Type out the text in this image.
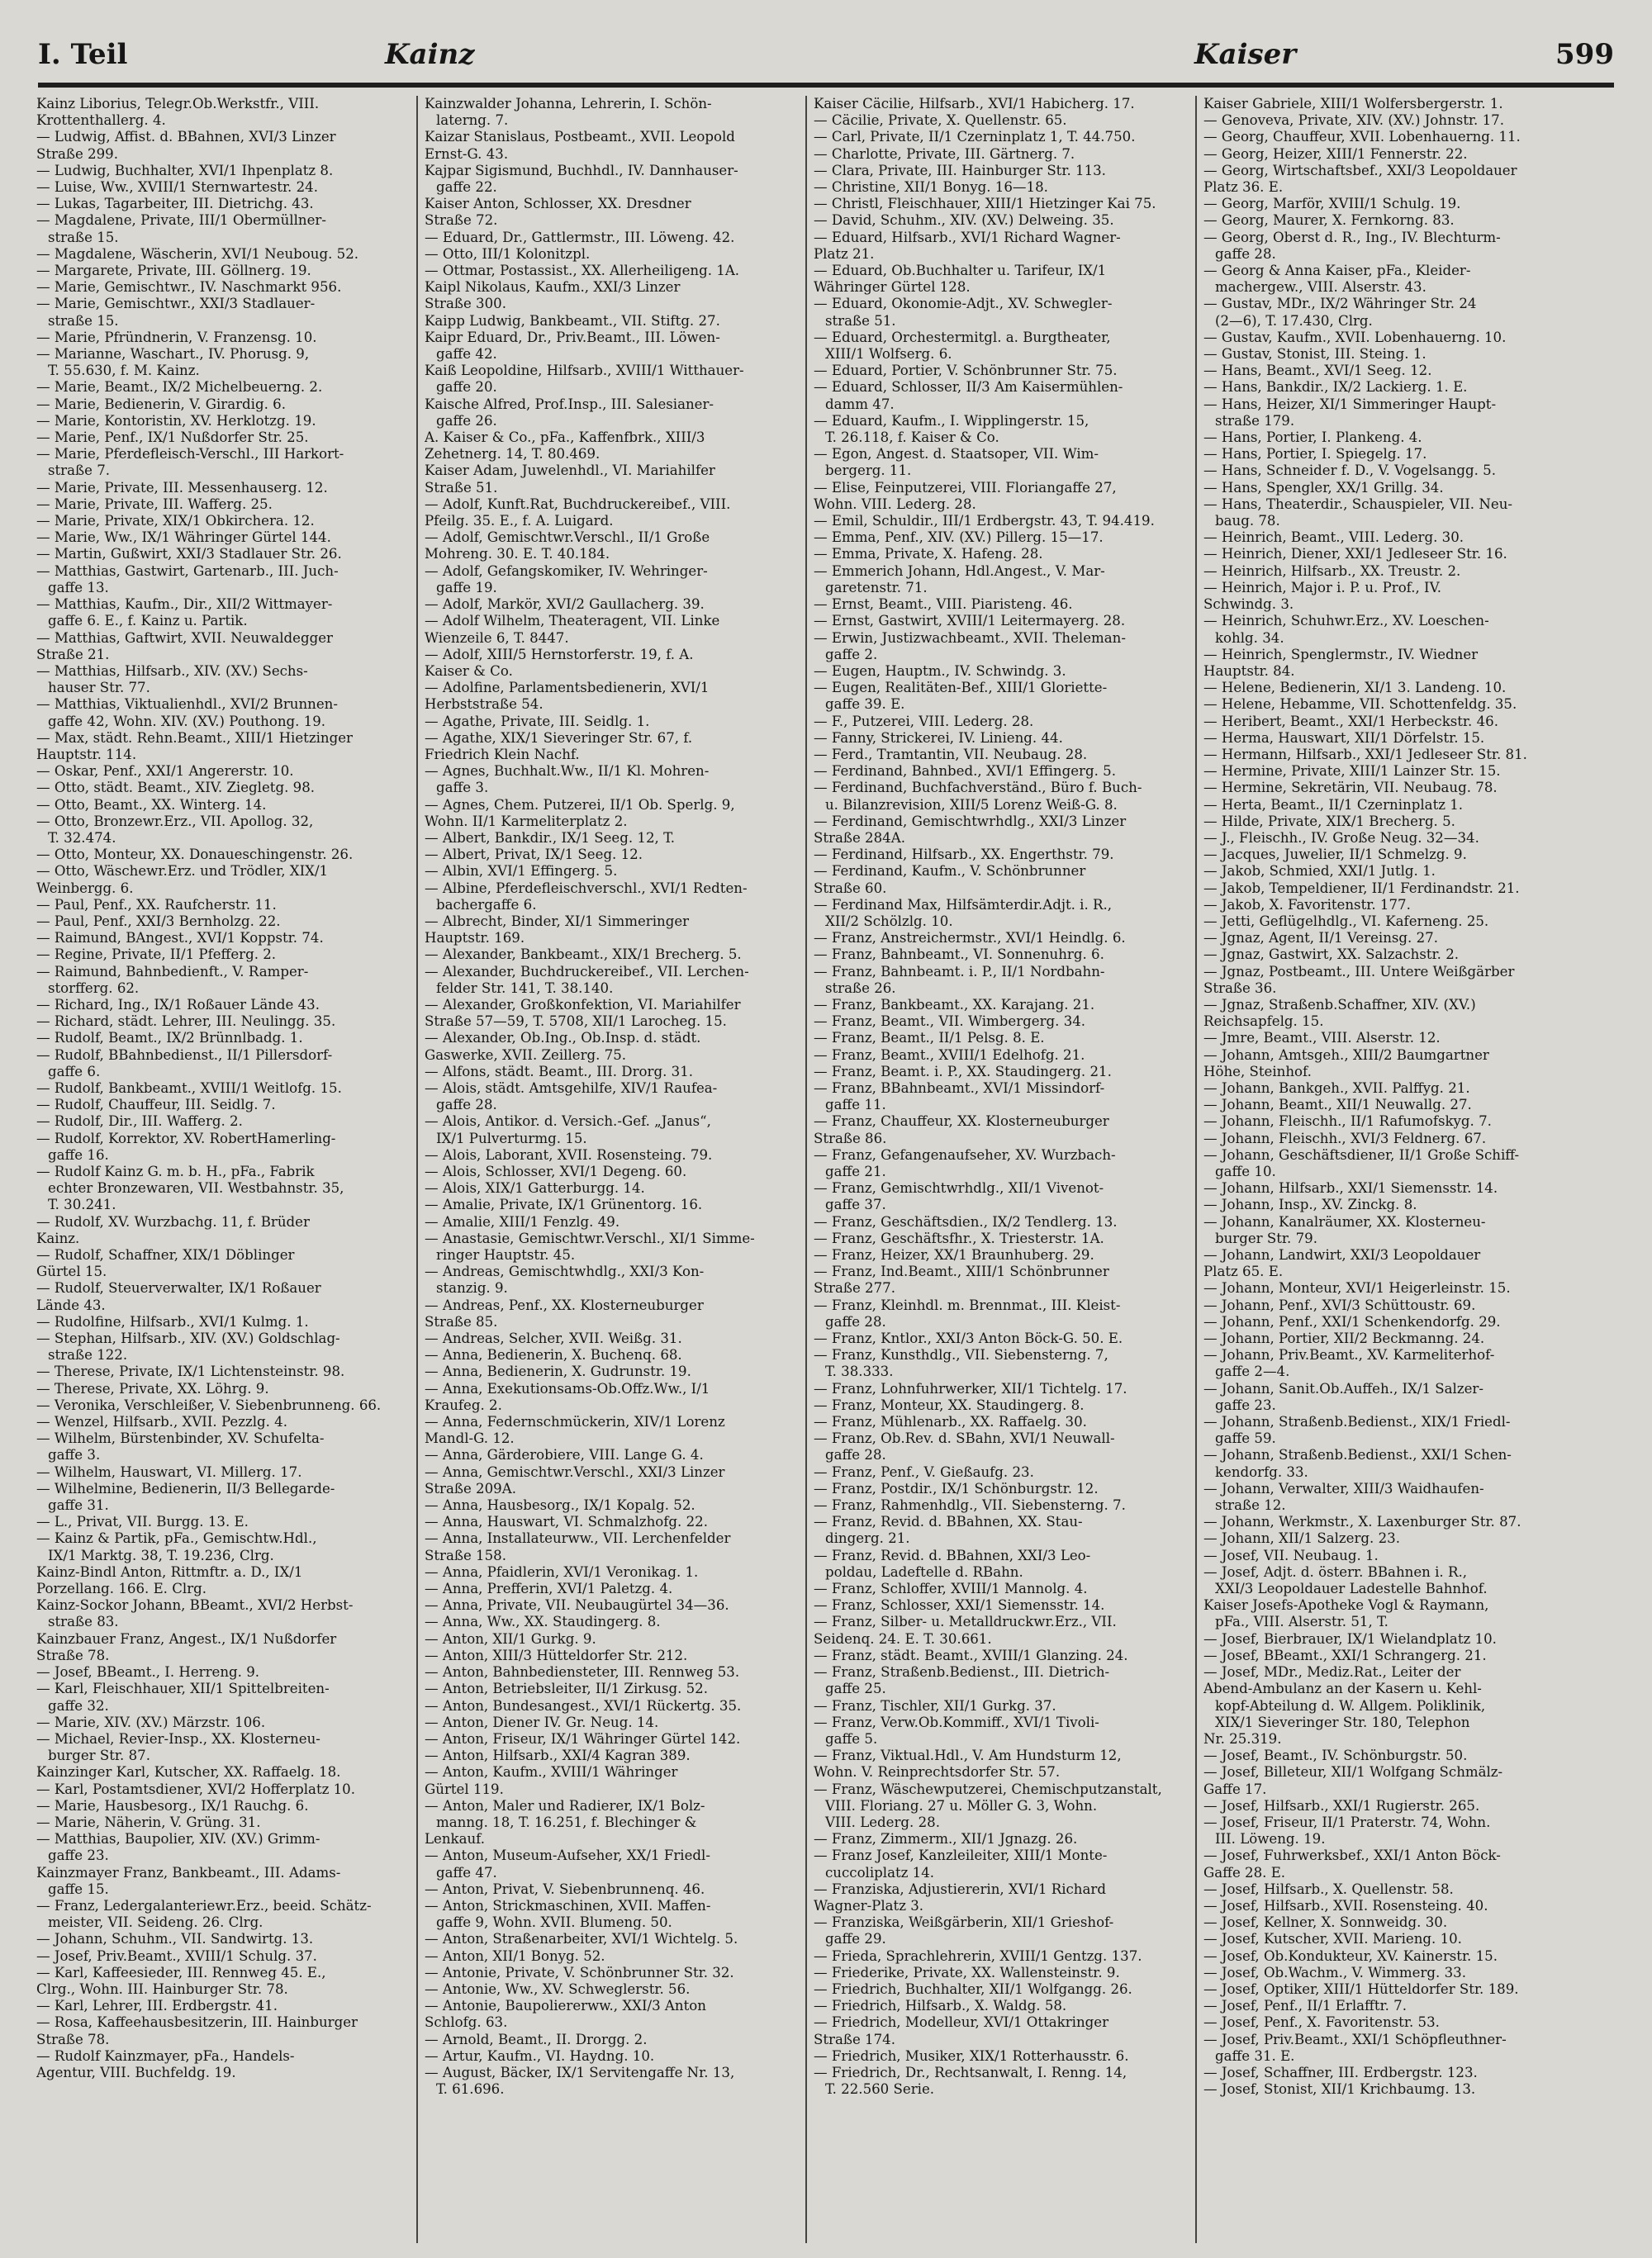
I. Teil	Kainz	Kaiser	599
Kainz Liborius, Telegr.Ob.Werkstfr., VIII.
Krottenthallerg. 4.
— Ludwig, Affist. d. BBahnen, XVI/3 Linzer
Straße 299.
— Ludwig, Buchhalter, XVI/1 Ihpenplatz 8.
— Luise, Ww., XVIII/1 Sternwartestr. 24.
— Lukas, Tagarbeiter, III. Dietrichg. 43.
— Magdalene, Private, III/1 Obermüllner-
straße 15.
— Magdalene, Wäscherin, XVI/1 Neuboug. 52.
— Margarete, Private, III. Göllnerg. 19.
— Marie, Gemischtwr., IV. Naschmarkt 956.
— Marie, Gemischtwr., XXI/3 Stadlauer-
straße 15.
— Marie, Pfründnerin, V. Franzensg. 10.
— Marianne, Waschart., IV. Phorusg. 9,
T. 55.630, f. M. Kainz.
— Marie, Beamt., IX/2 Michelbeuerng. 2.
— Marie, Bedienerin, V. Girardig. 6.
— Marie, Kontoristin, XV. Herklotzg. 19.
— Marie, Penf., IX/1 Nußdorfer Str. 25.
— Marie, Pferdefleisch-Verschl., III Harkort-
straße 7.
— Marie, Private, III. Messenhauserg. 12.
— Marie, Private, III. Wafferg. 25.
— Marie, Private, XIX/1 Obkirchera. 12.
— Marie, Ww., IX/1 Währinger Gürtel 144.
— Martin, Gußwirt, XXI/3 Stadlauer Str. 26.
— Matthias, Gastwirt, Gartenarb., III. Juch-
gaffe 13.
— Matthias, Kaufm., Dir., XII/2 Wittmayer-
gaffe 6. E., f. Kainz u. Partik.
— Matthias, Gaftwirt, XVII. Neuwaldegger
Straße 21.
— Matthias, Hilfsarb., XIV. (XV.) Sechs-
hauser Str. 77.
— Matthias, Viktualienhdl., XVI/2 Brunnen-
gaffe 42, Wohn. XIV. (XV.) Pouthong. 19.
— Max, städt. Rehn.Beamt., XIII/1 Hietzinger
Hauptstr. 114.
— Oskar, Penf., XXI/1 Angererstr. 10.
— Otto, städt. Beamt., XIV. Ziegletg. 98.
— Otto, Beamt., XX. Winterg. 14.
— Otto, Bronzewr.Erz., VII. Apollog. 32,
T. 32.474.
— Otto, Monteur, XX. Donaueschingenstr. 26.
— Otto, Wäschewr.Erz. und Trödler, XIX/1
Weinbergg. 6.
— Paul, Penf., XX. Raufcherstr. 11.
— Paul, Penf., XXI/3 Bernholzg. 22.
— Raimund, BAngest., XVI/1 Koppstr. 74.
— Regine, Private, II/1 Pfefferg. 2.
— Raimund, Bahnbedienft., V. Ramper-
storfferg. 62.
— Richard, Ing., IX/1 Roßauer Lände 43.
— Richard, städt. Lehrer, III. Neulingg. 35.
— Rudolf, Beamt., IX/2 Brünnlbadg. 1.
— Rudolf, BBahnbedienst., II/1 Pillersdorf-
gaffe 6.
— Rudolf, Bankbeamt., XVIII/1 Weitlofg. 15.
— Rudolf, Chauffeur, III. Seidlg. 7.
— Rudolf, Dir., III. Wafferg. 2.
— Rudolf, Korrektor, XV. RobertHamerling-
gaffe 16.
— Rudolf Kainz G. m. b. H., pFa., Fabrik
echter Bronzewaren, VII. Westbahnstr. 35,
T. 30.241.
— Rudolf, XV. Wurzbachg. 11, f. Brüder
Kainz.
— Rudolf, Schaffner, XIX/1 Döblinger
Gürtel 15.
— Rudolf, Steuerverwalter, IX/1 Roßauer
Lände 43.
— Rudolfine, Hilfsarb., XVI/1 Kulmg. 1.
— Stephan, Hilfsarb., XIV. (XV.) Goldschlag-
straße 122.
— Therese, Private, IX/1 Lichtensteinstr. 98.
— Therese, Private, XX. Löhrg. 9.
— Veronika, Verschleißer, V. Siebenbrunneng. 66.
— Wenzel, Hilfsarb., XVII. Pezzlg. 4.
— Wilhelm, Bürstenbinder, XV. Schufelta-
gaffe 3.
— Wilhelm, Hauswart, VI. Millerg. 17.
— Wilhelmine, Bedienerin, II/3 Bellegarde-
gaffe 31.
— L., Privat, VII. Burgg. 13. E.
— Kainz & Partik, pFa., Gemischtw.Hdl.,
IX/1 Marktg. 38, T. 19.236, Clrg.
Kainz-Bindl Anton, Rittmftr. a. D., IX/1
Porzellang. 166. E. Clrg.
Kainz-Sockor Johann, BBeamt., XVI/2 Herbst-
straße 83.
Kainzbauer Franz, Angest., IX/1 Nußdorfer
Straße 78.
— Josef, BBeamt., I. Herreng. 9.
— Karl, Fleischhauer, XII/1 Spittelbreiten-
gaffe 32.
— Marie, XIV. (XV.) Märzstr. 106.
— Michael, Revier-Insp., XX. Klosterneu-
burger Str. 87.
Kainzinger Karl, Kutscher, XX. Raffaelg. 18.
— Karl, Postamtsdiener, XVI/2 Hofferplatz 10.
— Marie, Hausbesorg., IX/1 Rauchg. 6.
— Marie, Näherin, V. Grüng. 31.
— Matthias, Baupolier, XIV. (XV.) Grimm-
gaffe 23.
Kainzmayer Franz, Bankbeamt., III. Adams-
gaffe 15.
— Franz, Ledergalanteriewr.Erz., beeid. Schätz-
meister, VII. Seideng. 26. Clrg.
— Johann, Schuhm., VII. Sandwirtg. 13.
— Josef, Priv.Beamt., XVIII/1 Schulg. 37.
— Karl, Kaffeesieder, III. Rennweg 45. E.,
Clrg., Wohn. III. Hainburger Str. 78.
— Karl, Lehrer, III. Erdbergstr. 41.
— Rosa, Kaffeehausbesitzerin, III. Hainburger
Straße 78.
— Rudolf Kainzmayer, pFa., Handels-
Agentur, VIII. Buchfeldg. 19.
Kainzwalder Johanna, Lehrerin, I. Schön-
laterng. 7.
Kaizar Stanislaus, Postbeamt., XVII. Leopold
Ernst-G. 43.
Kajpar Sigismund, Buchhdl., IV. Dannhauser-
gaffe 22.
Kaiser Anton, Schlosser, XX. Dresdner
Straße 72.
— Eduard, Dr., Gattlermstr., III. Löweng. 42.
— Otto, III/1 Kolonitzpl.
— Ottmar, Postassist., XX. Allerheiligeng. 1A.
Kaipl Nikolaus, Kaufm., XXI/3 Linzer
Straße 300.
Kaipp Ludwig, Bankbeamt., VII. Stiftg. 27.
Kaipr Eduard, Dr., Priv.Beamt., III. Löwen-
gaffe 42.
Kaiß Leopoldine, Hilfsarb., XVIII/1 Witthauer-
gaffe 20.
Kaische Alfred, Prof.Insp., III. Salesianer-
gaffe 26.
A. Kaiser & Co., pFa., Kaffenfbrk., XIII/3
Zehetnerg. 14, T. 80.469.
Kaiser Adam, Juwelenhdl., VI. Mariahilfer
Straße 51.
— Adolf, Kunft.Rat, Buchdruckereibef., VIII.
Pfeilg. 35. E., f. A. Luigard.
— Adolf, Gemischtwr.Verschl., II/1 Große
Mohreng. 30. E. T. 40.184.
— Adolf, Gefangskomiker, IV. Wehringer-
gaffe 19.
— Adolf, Markör, XVI/2 Gaullacherg. 39.
— Adolf Wilhelm, Theateragent, VII. Linke
Wienzeile 6, T. 8447.
— Adolf, XIII/5 Hernstorferstr. 19, f. A.
Kaiser & Co.
— Adolfine, Parlamentsbedienerin, XVI/1
Herbststraße 54.
— Agathe, Private, III. Seidlg. 1.
— Agathe, XIX/1 Sieveringer Str. 67, f.
Friedrich Klein Nachf.
— Agnes, Buchhalt.Ww., II/1 Kl. Mohren-
gaffe 3.
— Agnes, Chem. Putzerei, II/1 Ob. Sperlg. 9,
Wohn. II/1 Karmeliterplatz 2.
— Albert, Bankdir., IX/1 Seeg. 12, T.
— Albert, Privat, IX/1 Seeg. 12.
— Albin, XVI/1 Effingerg. 5.
— Albine, Pferdefleischverschl., XVI/1 Redten-
bachergaffe 6.
— Albrecht, Binder, XI/1 Simmeringer
Hauptstr. 169.
— Alexander, Bankbeamt., XIX/1 Brecherg. 5.
— Alexander, Buchdruckereibef., VII. Lerchen-
felder Str. 141, T. 38.140.
— Alexander, Großkonfektion, VI. Mariahilfer
Straße 57—59, T. 5708, XII/1 Larocheg. 15.
— Alexander, Ob.Ing., Ob.Insp. d. städt.
Gaswerke, XVII. Zeillerg. 75.
— Alfons, städt. Beamt., III. Drorg. 31.
— Alois, städt. Amtsgehilfe, XIV/1 Raufea-
gaffe 28.
— Alois, Antikor. d. Versich.-Gef. „Janus“,
IX/1 Pulverturmg. 15.
— Alois, Laborant, XVII. Rosensteing. 79.
— Alois, Schlosser, XVI/1 Degeng. 60.
— Alois, XIX/1 Gatterburgg. 14.
— Amalie, Private, IX/1 Grünentorg. 16.
— Amalie, XIII/1 Fenzlg. 49.
— Anastasie, Gemischtwr.Verschl., XI/1 Simme-
ringer Hauptstr. 45.
— Andreas, Gemischtwhdlg., XXI/3 Kon-
stanzig. 9.
— Andreas, Penf., XX. Klosterneuburger
Straße 85.
— Andreas, Selcher, XVII. Weißg. 31.
— Anna, Bedienerin, X. Buchenq. 68.
— Anna, Bedienerin, X. Gudrunstr. 19.
— Anna, Exekutionsams-Ob.Offz.Ww., I/1
Kraufeg. 2.
— Anna, Federnschmückerin, XIV/1 Lorenz
Mandl-G. 12.
— Anna, Gärderobiere, VIII. Lange G. 4.
— Anna, Gemischtwr.Verschl., XXI/3 Linzer
Straße 209A.
— Anna, Hausbesorg., IX/1 Kopalg. 52.
— Anna, Hauswart, VI. Schmalzhofg. 22.
— Anna, Installateurww., VII. Lerchenfelder
Straße 158.
— Anna, Pfaidlerin, XVI/1 Veronikag. 1.
— Anna, Prefferin, XVI/1 Paletzg. 4.
— Anna, Private, VII. Neubaugürtel 34—36.
— Anna, Ww., XX. Staudingerg. 8.
— Anton, XII/1 Gurkg. 9.
— Anton, XIII/3 Hütteldorfer Str. 212.
— Anton, Bahnbediensteter, III. Rennweg 53.
— Anton, Betriebsleiter, II/1 Zirkusg. 52.
— Anton, Bundesangest., XVI/1 Rückertg. 35.
— Anton, Diener IV. Gr. Neug. 14.
— Anton, Friseur, IX/1 Währinger Gürtel 142.
— Anton, Hilfsarb., XXI/4 Kagran 389.
— Anton, Kaufm., XVIII/1 Währinger
Gürtel 119.
— Anton, Maler und Radierer, IX/1 Bolz-
manng. 18, T. 16.251, f. Blechinger &
Lenkauf.
— Anton, Museum-Aufseher, XX/1 Friedl-
gaffe 47.
— Anton, Privat, V. Siebenbrunnenq. 46.
— Anton, Strickmaschinen, XVII. Maffen-
gaffe 9, Wohn. XVII. Blumeng. 50.
— Anton, Straßenarbeiter, XVI/1 Wichtelg. 5.
— Anton, XII/1 Bonyg. 52.
— Antonie, Private, V. Schönbrunner Str. 32.
— Antonie, Ww., XV. Schweglerstr. 56.
— Antonie, Baupoliererww., XXI/3 Anton
Schlofg. 63.
— Arnold, Beamt., II. Drorgg. 2.
— Artur, Kaufm., VI. Haydng. 10.
— August, Bäcker, IX/1 Servitengaffe Nr. 13,
T. 61.696.
Kaiser Cäcilie, Hilfsarb., XVI/1 Habicherg. 17.
— Cäcilie, Private, X. Quellenstr. 65.
— Carl, Private, II/1 Czerninplatz 1, T. 44.750.
— Charlotte, Private, III. Gärtnerg. 7.
— Clara, Private, III. Hainburger Str. 113.
— Christine, XII/1 Bonyg. 16—18.
— Christl, Fleischhauer, XIII/1 Hietzinger Kai 75.
— David, Schuhm., XIV. (XV.) Delweing. 35.
— Eduard, Hilfsarb., XVI/1 Richard Wagner-
Platz 21.
— Eduard, Ob.Buchhalter u. Tarifeur, IX/1
Währinger Gürtel 128.
— Eduard, Okonomie-Adjt., XV. Schwegler-
straße 51.
— Eduard, Orchestermitgl. a. Burgtheater,
XIII/1 Wolfserg. 6.
— Eduard, Portier, V. Schönbrunner Str. 75.
— Eduard, Schlosser, II/3 Am Kaisermühlen-
damm 47.
— Eduard, Kaufm., I. Wipplingerstr. 15,
T. 26.118, f. Kaiser & Co.
— Egon, Angest. d. Staatsoper, VII. Wim-
bergerg. 11.
— Elise, Feinputzerei, VIII. Floriangaffe 27,
Wohn. VIII. Lederg. 28.
— Emil, Schuldir., III/1 Erdbergstr. 43, T. 94.419.
— Emma, Penf., XIV. (XV.) Pillerg. 15—17.
— Emma, Private, X. Hafeng. 28.
— Emmerich Johann, Hdl.Angest., V. Mar-
garetenstr. 71.
— Ernst, Beamt., VIII. Piaristeng. 46.
— Ernst, Gastwirt, XVIII/1 Leitermayerg. 28.
— Erwin, Justizwachbeamt., XVII. Theleman-
gaffe 2.
— Eugen, Hauptm., IV. Schwindg. 3.
— Eugen, Realitäten-Bef., XIII/1 Gloriette-
gaffe 39. E.
— F., Putzerei, VIII. Lederg. 28.
— Fanny, Strickerei, IV. Linieng. 44.
— Ferd., Tramtantin, VII. Neubaug. 28.
— Ferdinand, Bahnbed., XVI/1 Effingerg. 5.
— Ferdinand, Buchfachverständ., Büro f. Buch-
u. Bilanzrevision, XIII/5 Lorenz Weiß-G. 8.
— Ferdinand, Gemischtwrhdlg., XXI/3 Linzer
Straße 284A.
— Ferdinand, Hilfsarb., XX. Engerthstr. 79.
— Ferdinand, Kaufm., V. Schönbrunner
Straße 60.
— Ferdinand Max, Hilfsämterdir.Adjt. i. R.,
XII/2 Schölzlg. 10.
— Franz, Anstreichermstr., XVI/1 Heindlg. 6.
— Franz, Bahnbeamt., VI. Sonnenuhrg. 6.
— Franz, Bahnbeamt. i. P., II/1 Nordbahn-
straße 26.
— Franz, Bankbeamt., XX. Karajang. 21.
— Franz, Beamt., VII. Wimbergerg. 34.
— Franz, Beamt., II/1 Pelsg. 8. E.
— Franz, Beamt., XVIII/1 Edelhofg. 21.
— Franz, Beamt. i. P., XX. Staudingerg. 21.
— Franz, BBahnbeamt., XVI/1 Missindorf-
gaffe 11.
— Franz, Chauffeur, XX. Klosterneuburger
Straße 86.
— Franz, Gefangenaufseher, XV. Wurzbach-
gaffe 21.
— Franz, Gemischtwrhdlg., XII/1 Vivenot-
gaffe 37.
— Franz, Geschäftsdien., IX/2 Tendlerg. 13.
— Franz, Geschäftsfhr., X. Triesterstr. 1A.
— Franz, Heizer, XX/1 Braunhuberg. 29.
— Franz, Ind.Beamt., XIII/1 Schönbrunner
Straße 277.
— Franz, Kleinhdl. m. Brennmat., III. Kleist-
gaffe 28.
— Franz, Kntlor., XXI/3 Anton Böck-G. 50. E.
— Franz, Kunsthdlg., VII. Siebensterng. 7,
T. 38.333.
— Franz, Lohnfuhrwerker, XII/1 Tichtelg. 17.
— Franz, Monteur, XX. Staudingerg. 8.
— Franz, Mühlenarb., XX. Raffaelg. 30.
— Franz, Ob.Rev. d. SBahn, XVI/1 Neuwall-
gaffe 28.
— Franz, Penf., V. Gießaufg. 23.
— Franz, Postdir., IX/1 Schönburgstr. 12.
— Franz, Rahmenhdlg., VII. Siebensterng. 7.
— Franz, Revid. d. BBahnen, XX. Stau-
dingerg. 21.
— Franz, Revid. d. BBahnen, XXI/3 Leo-
poldau, Ladeftelle d. RBahn.
— Franz, Schloffer, XVIII/1 Mannolg. 4.
— Franz, Schlosser, XXI/1 Siemensstr. 14.
— Franz, Silber- u. Metalldruckwr.Erz., VII.
Seidenq. 24. E. T. 30.661.
— Franz, städt. Beamt., XVIII/1 Glanzing. 24.
— Franz, Straßenb.Bedienst., III. Dietrich-
gaffe 25.
— Franz, Tischler, XII/1 Gurkg. 37.
— Franz, Verw.Ob.Kommiff., XVI/1 Tivoli-
gaffe 5.
— Franz, Viktual.Hdl., V. Am Hundsturm 12,
Wohn. V. Reinprechtsdorfer Str. 57.
— Franz, Wäschewputzerei, Chemischputzanstalt,
VIII. Floriang. 27 u. Möller G. 3, Wohn.
VIII. Lederg. 28.
— Franz, Zimmerm., XII/1 Jgnazg. 26.
— Franz Josef, Kanzleileiter, XIII/1 Monte-
cuccoliplatz 14.
— Franziska, Adjustiererin, XVI/1 Richard
Wagner-Platz 3.
— Franziska, Weißgärberin, XII/1 Grieshof-
gaffe 29.
— Frieda, Sprachlehrerin, XVIII/1 Gentzg. 137.
— Friederike, Private, XX. Wallensteinstr. 9.
— Friedrich, Buchhalter, XII/1 Wolfgangg. 26.
— Friedrich, Hilfsarb., X. Waldg. 58.
— Friedrich, Modelleur, XVI/1 Ottakringer
Straße 174.
— Friedrich, Musiker, XIX/1 Rotterhausstr. 6.
— Friedrich, Dr., Rechtsanwalt, I. Renng. 14,
T. 22.560 Serie.
Kaiser Gabriele, XIII/1 Wolfersbergerstr. 1.
— Genoveva, Private, XIV. (XV.) Johnstr. 17.
— Georg, Chauffeur, XVII. Lobenhauerng. 11.
— Georg, Heizer, XIII/1 Fennerstr. 22.
— Georg, Wirtschaftsbef., XXI/3 Leopoldauer
Platz 36. E.
— Georg, Marför, XVIII/1 Schulg. 19.
— Georg, Maurer, X. Fernkorng. 83.
— Georg, Oberst d. R., Ing., IV. Blechturm-
gaffe 28.
— Georg & Anna Kaiser, pFa., Kleider-
machergew., VIII. Alserstr. 43.
— Gustav, MDr., IX/2 Währinger Str. 24
(2—6), T. 17.430, Clrg.
— Gustav, Kaufm., XVII. Lobenhauerng. 10.
— Gustav, Stonist, III. Steing. 1.
— Hans, Beamt., XVI/1 Seeg. 12.
— Hans, Bankdir., IX/2 Lackierg. 1. E.
— Hans, Heizer, XI/1 Simmeringer Haupt-
straße 179.
— Hans, Portier, I. Plankeng. 4.
— Hans, Portier, I. Spiegelg. 17.
— Hans, Schneider f. D., V. Vogelsangg. 5.
— Hans, Spengler, XX/1 Grillg. 34.
— Hans, Theaterdir., Schauspieler, VII. Neu-
baug. 78.
— Heinrich, Beamt., VIII. Lederg. 30.
— Heinrich, Diener, XXI/1 Jedleseer Str. 16.
— Heinrich, Hilfsarb., XX. Treustr. 2.
— Heinrich, Major i. P. u. Prof., IV.
Schwindg. 3.
— Heinrich, Schuhwr.Erz., XV. Loeschen-
kohlg. 34.
— Heinrich, Spenglermstr., IV. Wiedner
Hauptstr. 84.
— Helene, Bedienerin, XI/1 3. Landeng. 10.
— Helene, Hebamme, VII. Schottenfeldg. 35.
— Heribert, Beamt., XXI/1 Herbeckstr. 46.
— Herma, Hauswart, XII/1 Dörfelstr. 15.
— Hermann, Hilfsarb., XXI/1 Jedleseer Str. 81.
— Hermine, Private, XIII/1 Lainzer Str. 15.
— Hermine, Sekretärin, VII. Neubaug. 78.
— Herta, Beamt., II/1 Czerninplatz 1.
— Hilde, Private, XIX/1 Brecherg. 5.
— J., Fleischh., IV. Große Neug. 32—34.
— Jacques, Juwelier, II/1 Schmelzg. 9.
— Jakob, Schmied, XXI/1 Jutlg. 1.
— Jakob, Tempeldiener, II/1 Ferdinandstr. 21.
— Jakob, X. Favoritenstr. 177.
— Jetti, Geflügelhdlg., VI. Kaferneng. 25.
— Jgnaz, Agent, II/1 Vereinsg. 27.
— Jgnaz, Gastwirt, XX. Salzachstr. 2.
— Jgnaz, Postbeamt., III. Untere Weißgärber
Straße 36.
— Jgnaz, Straßenb.Schaffner, XIV. (XV.)
Reichsapfelg. 15.
— Jmre, Beamt., VIII. Alserstr. 12.
— Johann, Amtsgeh., XIII/2 Baumgartner
Höhe, Steinhof.
— Johann, Bankgeh., XVII. Palffyg. 21.
— Johann, Beamt., XII/1 Neuwallg. 27.
— Johann, Fleischh., II/1 Rafumofskyg. 7.
— Johann, Fleischh., XVI/3 Feldnerg. 67.
— Johann, Geschäftsdiener, II/1 Große Schiff-
gaffe 10.
— Johann, Hilfsarb., XXI/1 Siemensstr. 14.
— Johann, Insp., XV. Zinckg. 8.
— Johann, Kanalräumer, XX. Klosterneu-
burger Str. 79.
— Johann, Landwirt, XXI/3 Leopoldauer
Platz 65. E.
— Johann, Monteur, XVI/1 Heigerleinstr. 15.
— Johann, Penf., XVI/3 Schüttoustr. 69.
— Johann, Penf., XXI/1 Schenkendorfg. 29.
— Johann, Portier, XII/2 Beckmanng. 24.
— Johann, Priv.Beamt., XV. Karmeliterhof-
gaffe 2—4.
— Johann, Sanit.Ob.Auffeh., IX/1 Salzer-
gaffe 23.
— Johann, Straßenb.Bedienst., XIX/1 Friedl-
gaffe 59.
— Johann, Straßenb.Bedienst., XXI/1 Schen-
kendorfg. 33.
— Johann, Verwalter, XIII/3 Waidhaufen-
straße 12.
— Johann, Werkmstr., X. Laxenburger Str. 87.
— Johann, XII/1 Salzerg. 23.
— Josef, VII. Neubaug. 1.
— Josef, Adjt. d. österr. BBahnen i. R.,
XXI/3 Leopoldauer Ladestelle Bahnhof.
Kaiser Josefs-Apotheke Vogl & Raymann,
pFa., VIII. Alserstr. 51, T.
— Josef, Bierbrauer, IX/1 Wielandplatz 10.
— Josef, BBeamt., XXI/1 Schrangerg. 21.
— Josef, MDr., Mediz.Rat., Leiter der
Abend-Ambulanz an der Kasern u. Kehl-
kopf-Abteilung d. W. Allgem. Poliklinik,
XIX/1 Sieveringer Str. 180, Telephon
Nr. 25.319.
— Josef, Beamt., IV. Schönburgstr. 50.
— Josef, Billeteur, XII/1 Wolfgang Schmälz-
Gaffe 17.
— Josef, Hilfsarb., XXI/1 Rugierstr. 265.
— Josef, Friseur, II/1 Praterstr. 74, Wohn.
III. Löweng. 19.
— Josef, Fuhrwerksbef., XXI/1 Anton Böck-
Gaffe 28. E.
— Josef, Hilfsarb., X. Quellenstr. 58.
— Josef, Hilfsarb., XVII. Rosensteing. 40.
— Josef, Kellner, X. Sonnweidg. 30.
— Josef, Kutscher, XVII. Marieng. 10.
— Josef, Ob.Kondukteur, XV. Kainerstr. 15.
— Josef, Ob.Wachm., V. Wimmerg. 33.
— Josef, Optiker, XIII/1 Hütteldorfer Str. 189.
— Josef, Penf., II/1 Erlafftr. 7.
— Josef, Penf., X. Favoritenstr. 53.
— Josef, Priv.Beamt., XXI/1 Schöpfleuthner-
gaffe 31. E.
— Josef, Schaffner, III. Erdbergstr. 123.
— Josef, Stonist, XII/1 Krichbaumg. 13.
